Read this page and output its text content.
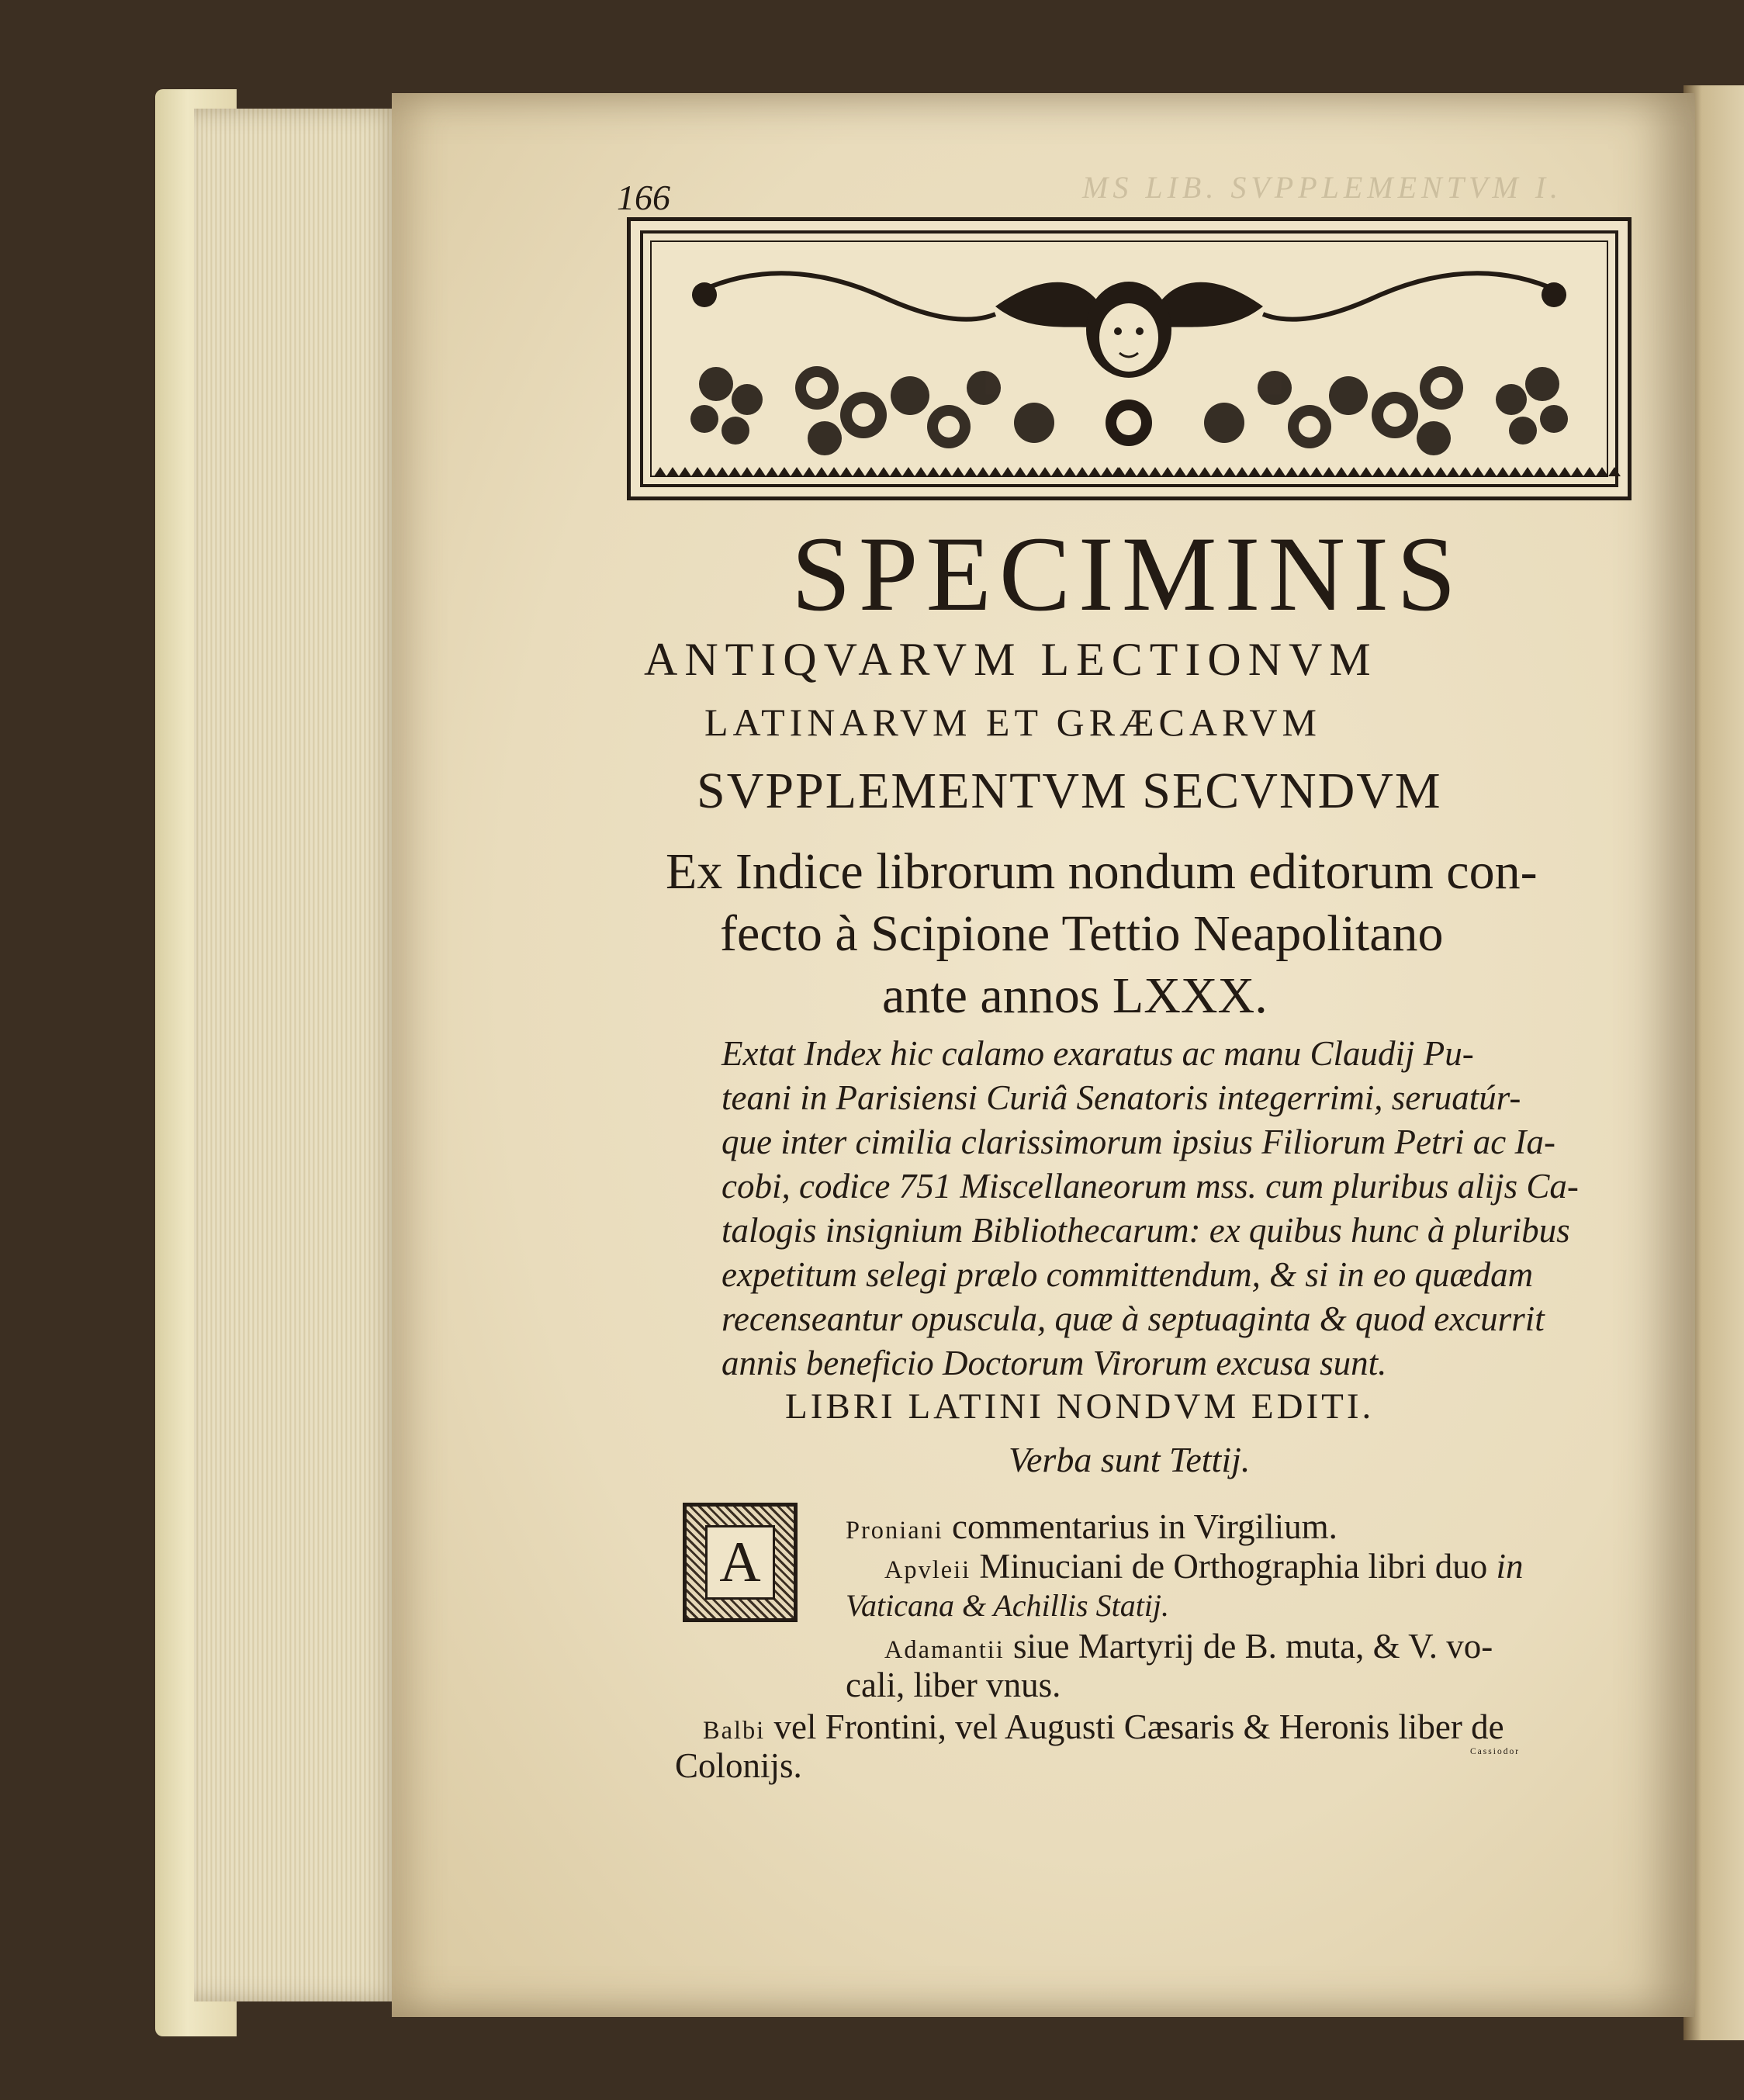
166	MS LIB. SVPPLEMENTVM I.
SPECIMINIS
ANTIQVARVM LECTIONVM
LATINARVM ET GRÆCARVM
SVPPLEMENTVM SECVNDVM
Ex Indice librorum nondum editorum con-
fecto à Scipione Tettio Neapolitano
ante annos LXXX.
Extat Index hic calamo exaratus ac manu Claudij Pu-
teani in Parisiensi Curiâ Senatoris integerrimi, seruatúr-
que inter cimilia clarissimorum ipsius Filiorum Petri ac Ia-
cobi, codice 751 Miscellaneorum mss. cum pluribus alijs Ca-
talogis insignium Bibliothecarum: ex quibus hunc à pluribus
expetitum selegi prælo committendum, & si in eo quædam
recenseantur opuscula, quæ à septuaginta & quod excurrit
annis beneficio Doctorum Virorum excusa sunt.
LIBRI LATINI NONDVM EDITI.
Verba sunt Tettij.
A	Proniani commentarius in Virgilium.
Apvleii Minuciani de Orthographia libri duo in
Vaticana & Achillis Statij.
Adamantii siue Martyrij de B. muta, & V. vo-
cali, liber vnus.
Balbi vel Frontini, vel Augusti Cæsaris & Heronis liber de
Colonijs.	Cassiodor
